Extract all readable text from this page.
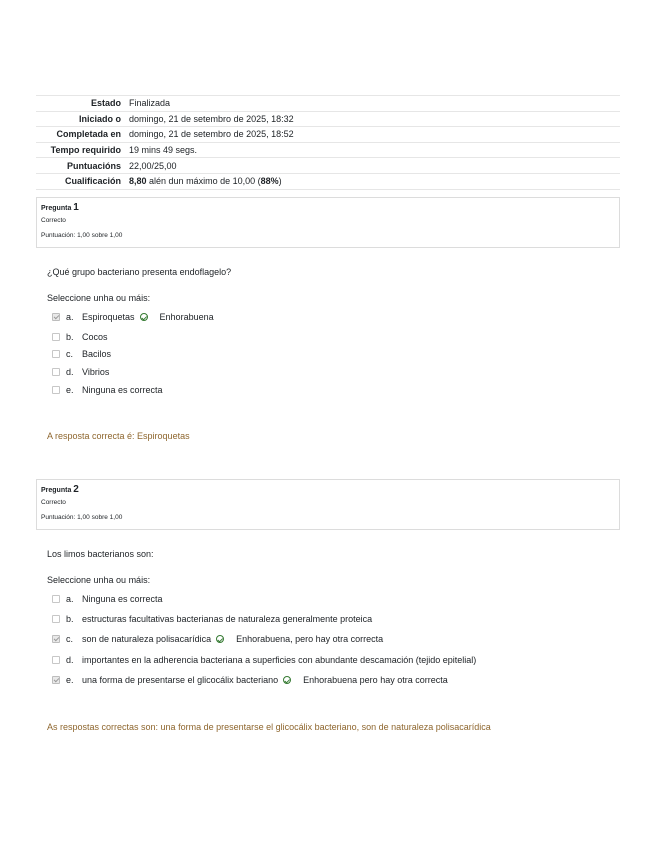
Estado	Finalizada
Iniciado o	domingo, 21 de setembro de 2025, 18:32
Completada en	domingo, 21 de setembro de 2025, 18:52
Tempo requirido	19 mins 49 segs.
Puntuacións	22,00/25,00
Cualificación	8,80 alén dun máximo de 10,00 (88%)
Pregunta 1
Correcto
Puntuación: 1,00 sobre 1,00
¿Qué grupo bacteriano presenta endoflagelo?
Seleccione unha ou máis:
a. Espiroquetas	Enhorabuena
b. Cocos
c. Bacilos
d. Vibrios
e. Ninguna es correcta
A resposta correcta é: Espiroquetas
Pregunta 2
Correcto
Puntuación: 1,00 sobre 1,00
Los limos bacterianos son:
Seleccione unha ou máis:
a. Ninguna es correcta
b. estructuras facultativas bacterianas de naturaleza generalmente proteica
c. son de naturaleza polisacarídica	Enhorabuena, pero hay otra correcta
d. importantes en la adherencia bacteriana a superficies con abundante descamación (tejido epitelial)
e. una forma de presentarse el glicocálix bacteriano	Enhorabuena pero hay otra correcta
As respostas correctas son: una forma de presentarse el glicocálix bacteriano, son de naturaleza polisacarídica
